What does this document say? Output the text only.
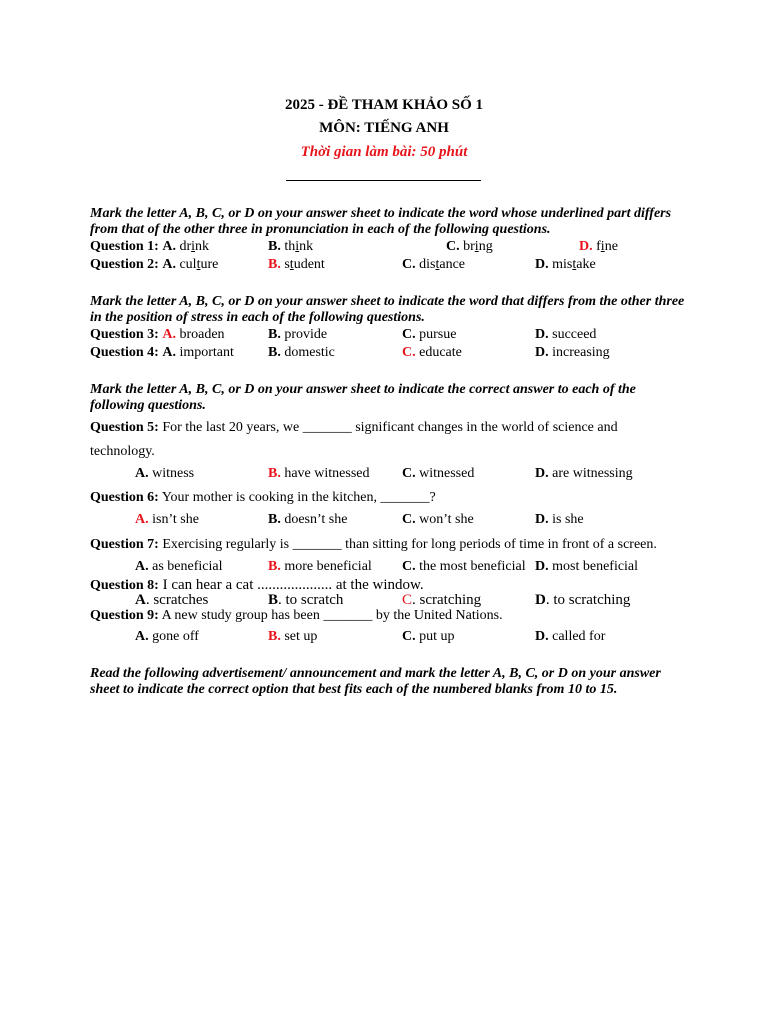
2025 - ĐỀ THAM KHẢO SỐ 1
MÔN: TIẾNG ANH
Thời gian làm bài: 50 phút
Mark the letter A, B, C, or D on your answer sheet to indicate the word whose underlined part differs from that of the other three in pronunciation in each of the following questions.
Question 1: A. drink	B. think	C. bring	D. fine
Question 2: A. culture	B. student	C. distance	D. mistake
Mark the letter A, B, C, or D on your answer sheet to indicate the word that differs from the other three in the position of stress in each of the following questions.
Question 3: A. broaden	B. provide	C. pursue	D. succeed
Question 4: A. important B. domestic	C. educate	D. increasing
Mark the letter A, B, C, or D on your answer sheet to indicate the correct answer to each of the following questions.
Question 5: For the last 20 years, we _______ significant changes in the world of science and technology.
A. witness	B. have witnessed C. witnessed	D. are witnessing
Question 6: Your mother is cooking in the kitchen, _______?
A. isn’t she	B. doesn’t she	C. won’t she	D. is she
Question 7: Exercising regularly is _______ than sitting for long periods of time in front of a screen.
A. as beneficial	B. more beneficial C. the most beneficial D. most beneficial
Question 8: I can hear a cat .................... at the window.
A. scratches	B. to scratch	C. scratching	D. to scratching
Question 9: A new study group has been _______ by the United Nations.
A. gone off	B. set up	C. put up	D. called for
Read the following advertisement/ announcement and mark the letter A, B, C, or D on your answer sheet to indicate the correct option that best fits each of the numbered blanks from 10 to 15.
